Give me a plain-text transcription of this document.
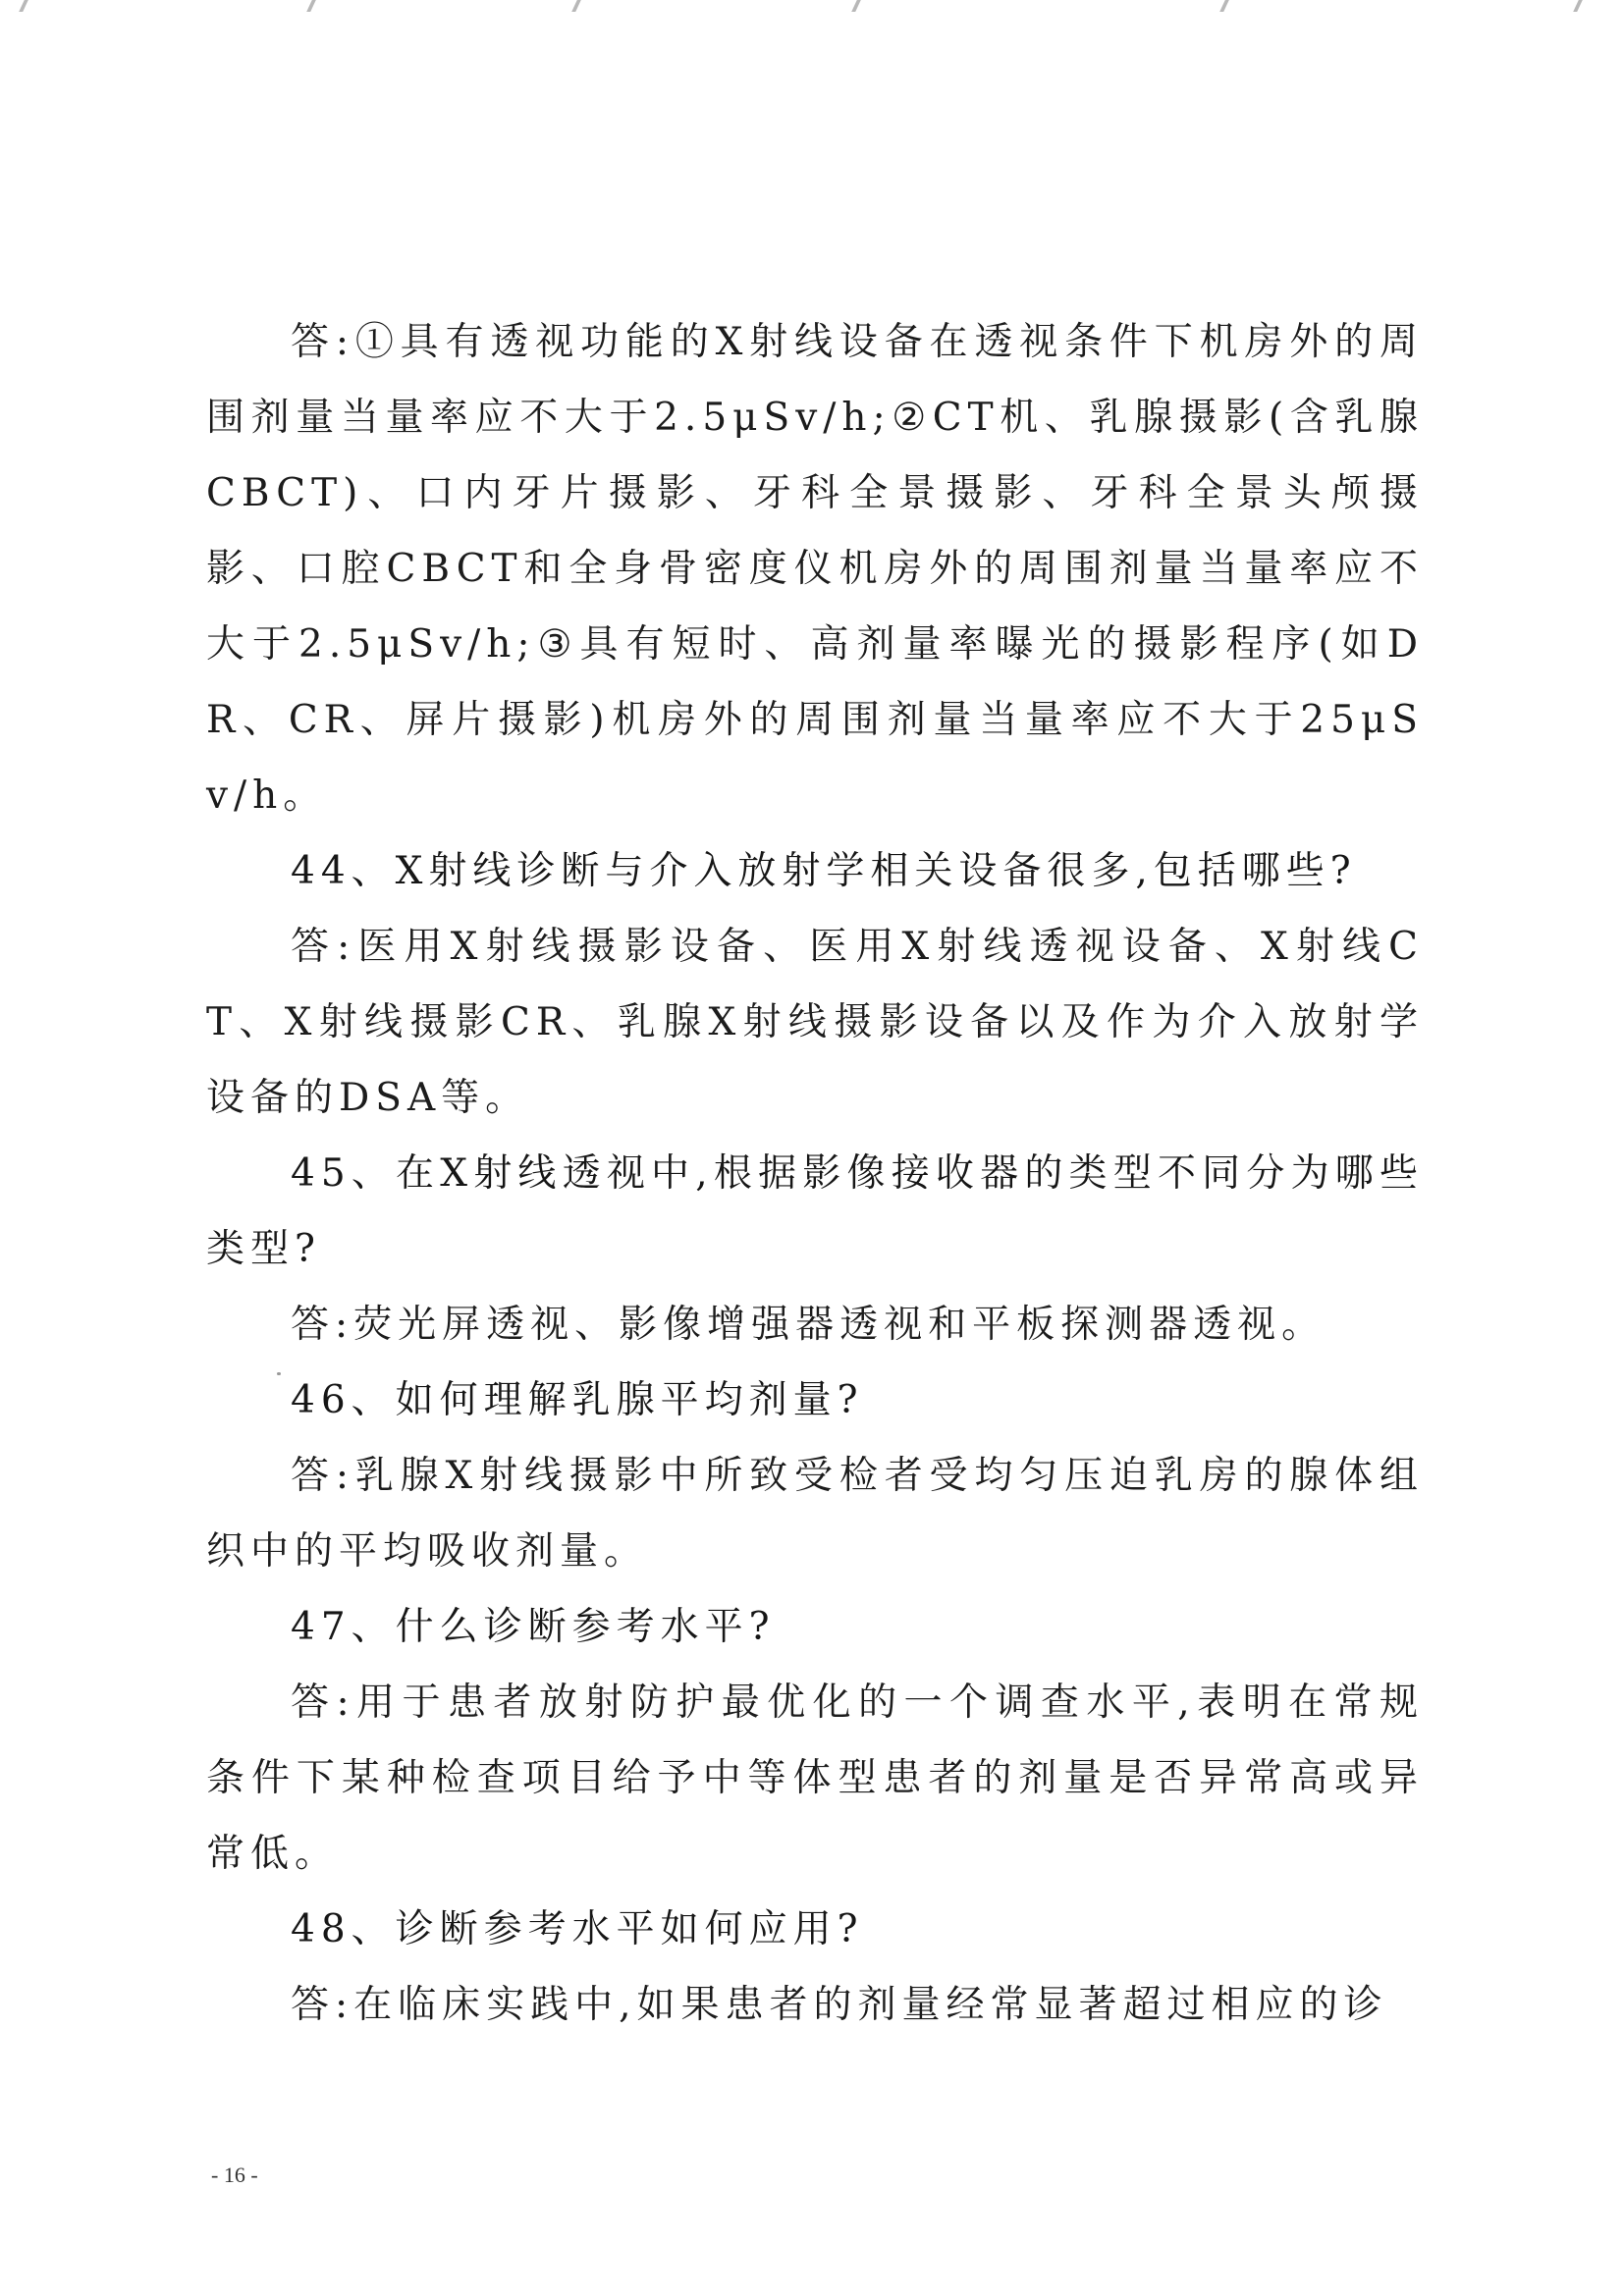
答:①具有透视功能的X射线设备在透视条件下机房外的周围剂量当量率应不大于2.5μSv/h;②CT机、乳腺摄影(含乳腺CBCT)、口内牙片摄影、牙科全景摄影、牙科全景头颅摄影、口腔CBCT和全身骨密度仪机房外的周围剂量当量率应不大于2.5μSv/h;③具有短时、高剂量率曝光的摄影程序(如DR、CR、屏片摄影)机房外的周围剂量当量率应不大于25μSv/h。

44、X射线诊断与介入放射学相关设备很多,包括哪些?

答:医用X射线摄影设备、医用X射线透视设备、X射线CT、X射线摄影CR、乳腺X射线摄影设备以及作为介入放射学设备的DSA等。

45、在X射线透视中,根据影像接收器的类型不同分为哪些类型?

答:荧光屏透视、影像增强器透视和平板探测器透视。

46、如何理解乳腺平均剂量?

答:乳腺X射线摄影中所致受检者受均匀压迫乳房的腺体组织中的平均吸收剂量。

47、什么诊断参考水平?

答:用于患者放射防护最优化的一个调查水平,表明在常规条件下某种检查项目给予中等体型患者的剂量是否异常高或异常低。

48、诊断参考水平如何应用?

答:在临床实践中,如果患者的剂量经常显著超过相应的诊

- 16 -
